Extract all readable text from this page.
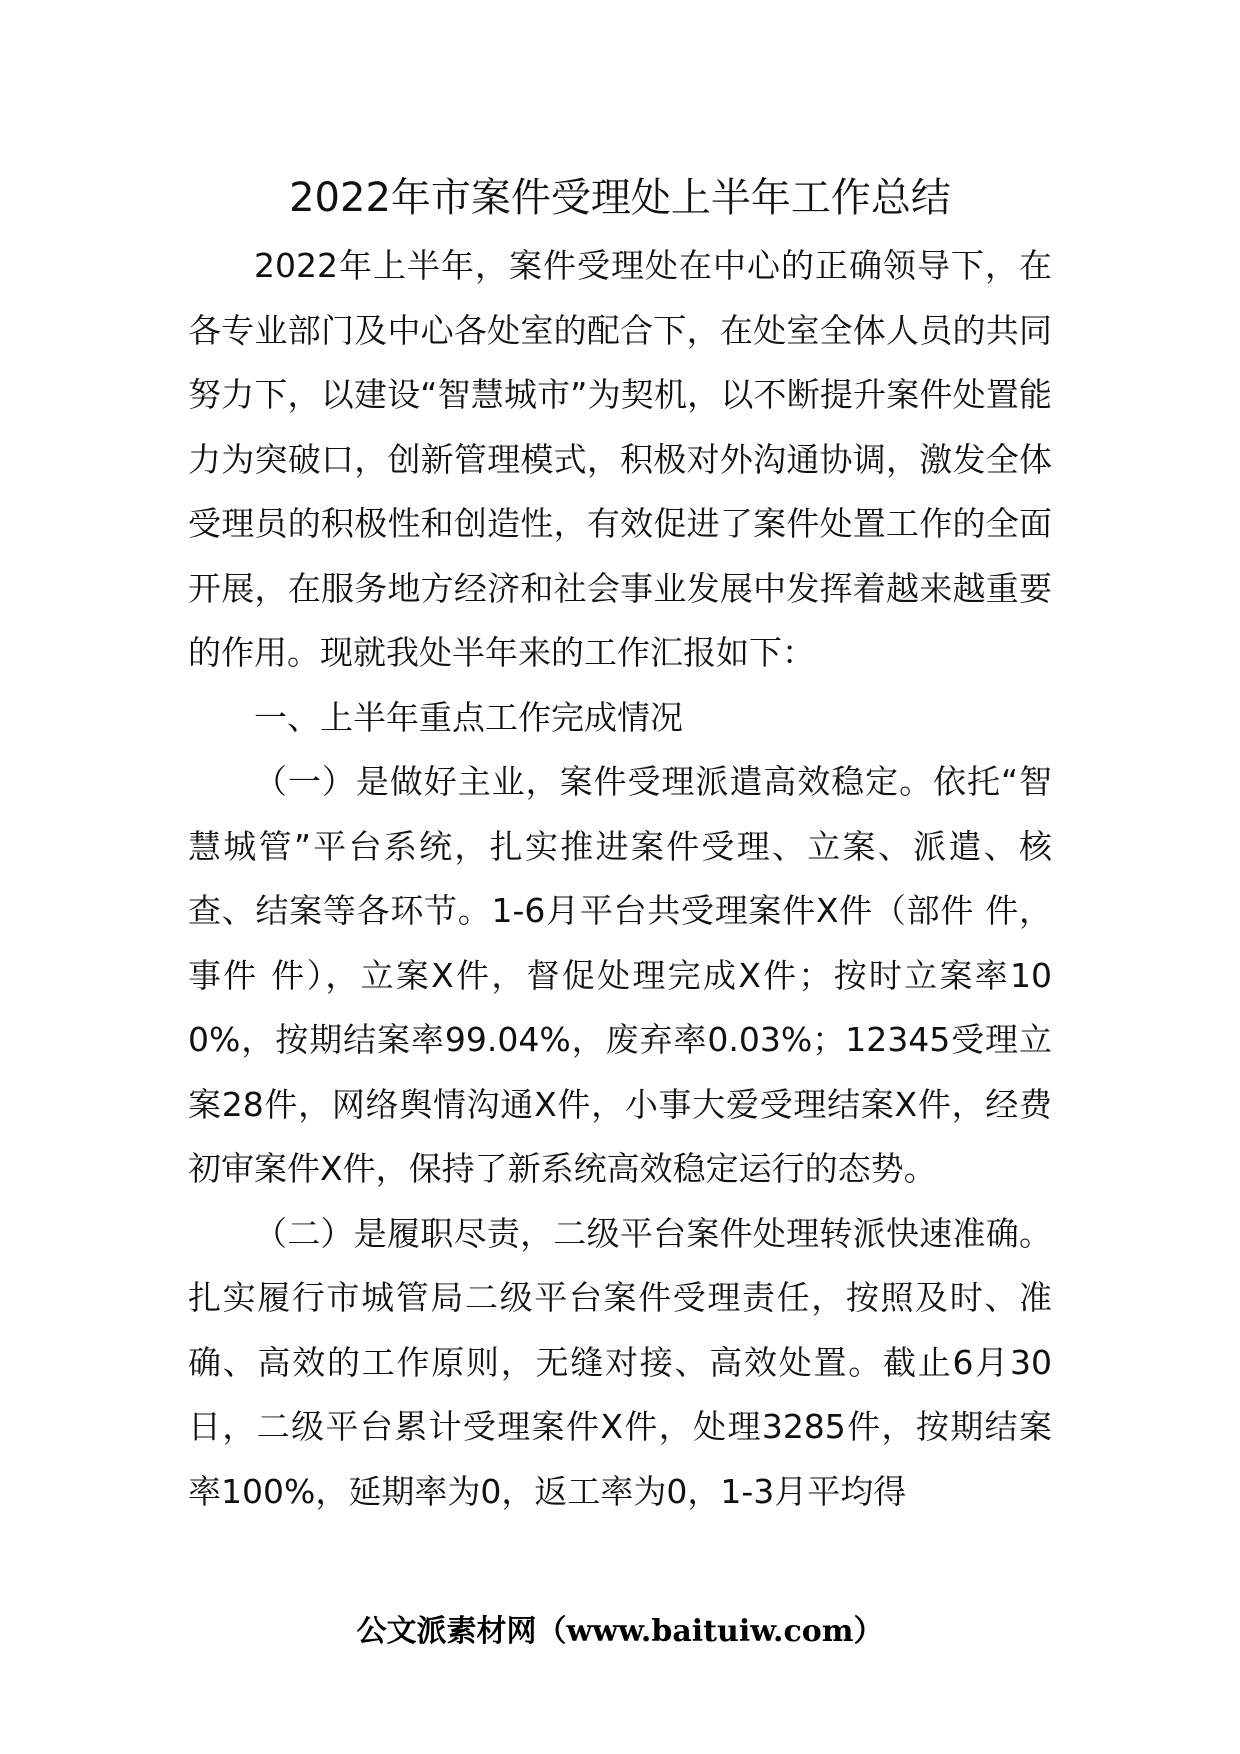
2022年市案件受理处上半年工作总结

2022年上半年，案件受理处在中心的正确领导下，在各专业部门及中心各处室的配合下，在处室全体人员的共同努力下，以建设“智慧城市”为契机，以不断提升案件处置能力为突破口，创新管理模式，积极对外沟通协调，激发全体受理员的积极性和创造性，有效促进了案件处置工作的全面开展，在服务地方经济和社会事业发展中发挥着越来越重要的作用。现就我处半年来的工作汇报如下：

一、上半年重点工作完成情况

（一）是做好主业，案件受理派遣高效稳定。依托“智慧城管”平台系统，扎实推进案件受理、立案、派遣、核查、结案等各环节。1-6月平台共受理案件X件（部件 件，事件 件），立案X件，督促处理完成X件；按时立案率100%，按期结案率99.04%，废弃率0.03%；12345受理立案28件，网络舆情沟通X件，小事大爱受理结案X件，经费初审案件X件，保持了新系统高效稳定运行的态势。

（二）是履职尽责，二级平台案件处理转派快速准确。扎实履行市城管局二级平台案件受理责任，按照及时、准确、高效的工作原则，无缝对接、高效处置。截止6月30日，二级平台累计受理案件X件，处理3285件，按期结案率100%，延期率为0，返工率为0，1-3月平均得

公文派素材网（www.baituiw.com）
